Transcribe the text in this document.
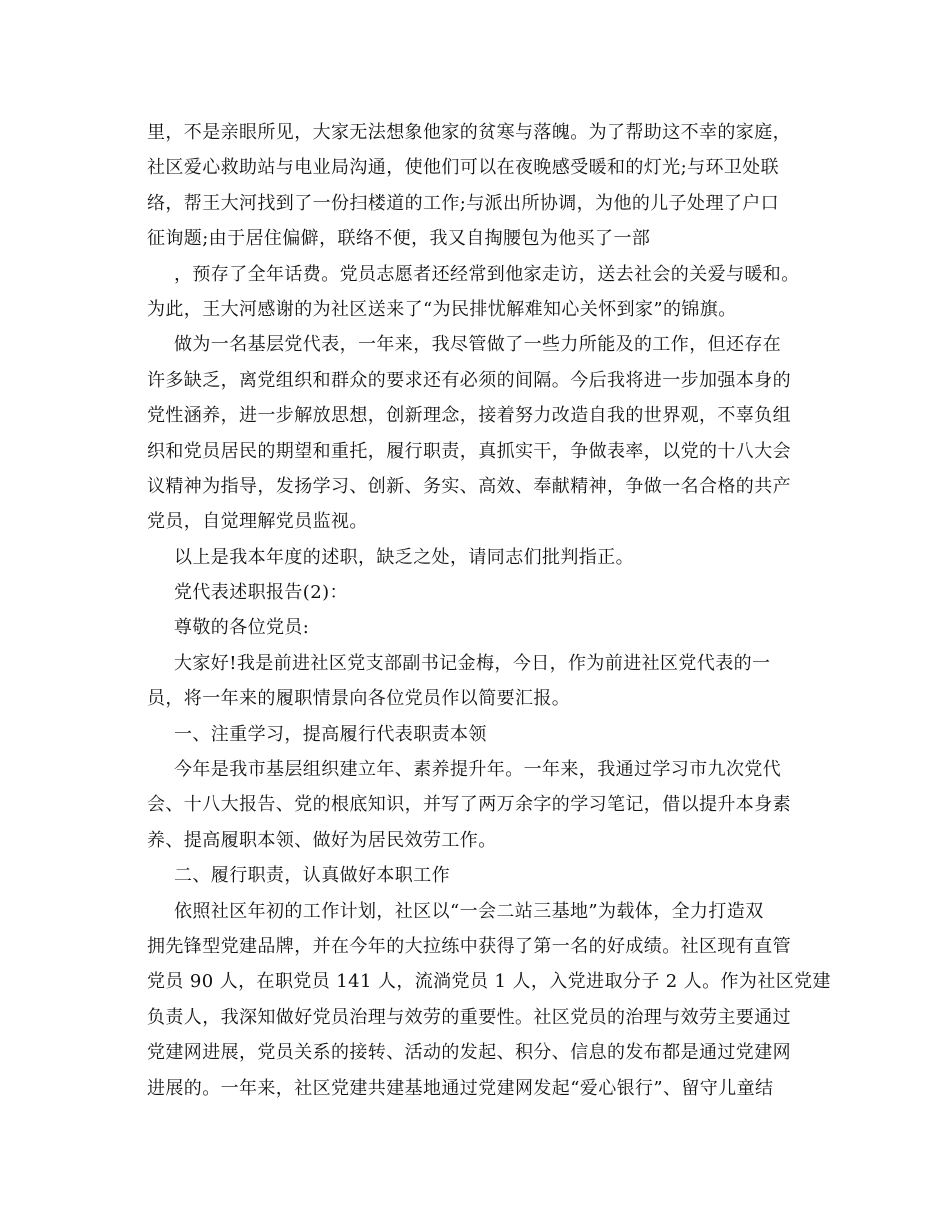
里，不是亲眼所见，大家无法想象他家的贫寒与落魄。为了帮助这不幸的家庭，
社区爱心救助站与电业局沟通，使他们可以在夜晚感受暖和的灯光;与环卫处联
络，帮王大河找到了一份扫楼道的工作;与派出所协调，为他的儿子处理了户口
征询题;由于居住偏僻，联络不便，我又自掏腰包为他买了一部
，预存了全年话费。党员志愿者还经常到他家走访，送去社会的关爱与暖和。
为此，王大河感谢的为社区送来了“为民排忧解难知心关怀到家”的锦旗。
做为一名基层党代表，一年来，我尽管做了一些力所能及的工作，但还存在
许多缺乏，离党组织和群众的要求还有必须的间隔。今后我将进一步加强本身的
党性涵养，进一步解放思想，创新理念，接着努力改造自我的世界观，不辜负组
织和党员居民的期望和重托，履行职责，真抓实干，争做表率，以党的十八大会
议精神为指导，发扬学习、创新、务实、高效、奉献精神，争做一名合格的共产
党员，自觉理解党员监视。
以上是我本年度的述职，缺乏之处，请同志们批判指正。
党代表述职报告(2)：
尊敬的各位党员:
大家好!我是前进社区党支部副书记金梅，今日，作为前进社区党代表的一
员，将一年来的履职情景向各位党员作以简要汇报。
一、注重学习，提高履行代表职责本领
今年是我市基层组织建立年、素养提升年。一年来，我通过学习市九次党代
会、十八大报告、党的根底知识，并写了两万余字的学习笔记，借以提升本身素
养、提高履职本领、做好为居民效劳工作。
二、履行职责，认真做好本职工作
依照社区年初的工作计划，社区以“一会二站三基地”为载体，全力打造双
拥先锋型党建品牌，并在今年的大拉练中获得了第一名的好成绩。社区现有直管
党员 90 人，在职党员 141 人，流淌党员 1 人，入党进取分子 2 人。作为社区党建
负责人，我深知做好党员治理与效劳的重要性。社区党员的治理与效劳主要通过
党建网进展，党员关系的接转、活动的发起、积分、信息的发布都是通过党建网
进展的。一年来，社区党建共建基地通过党建网发起“爱心银行”、留守儿童结
